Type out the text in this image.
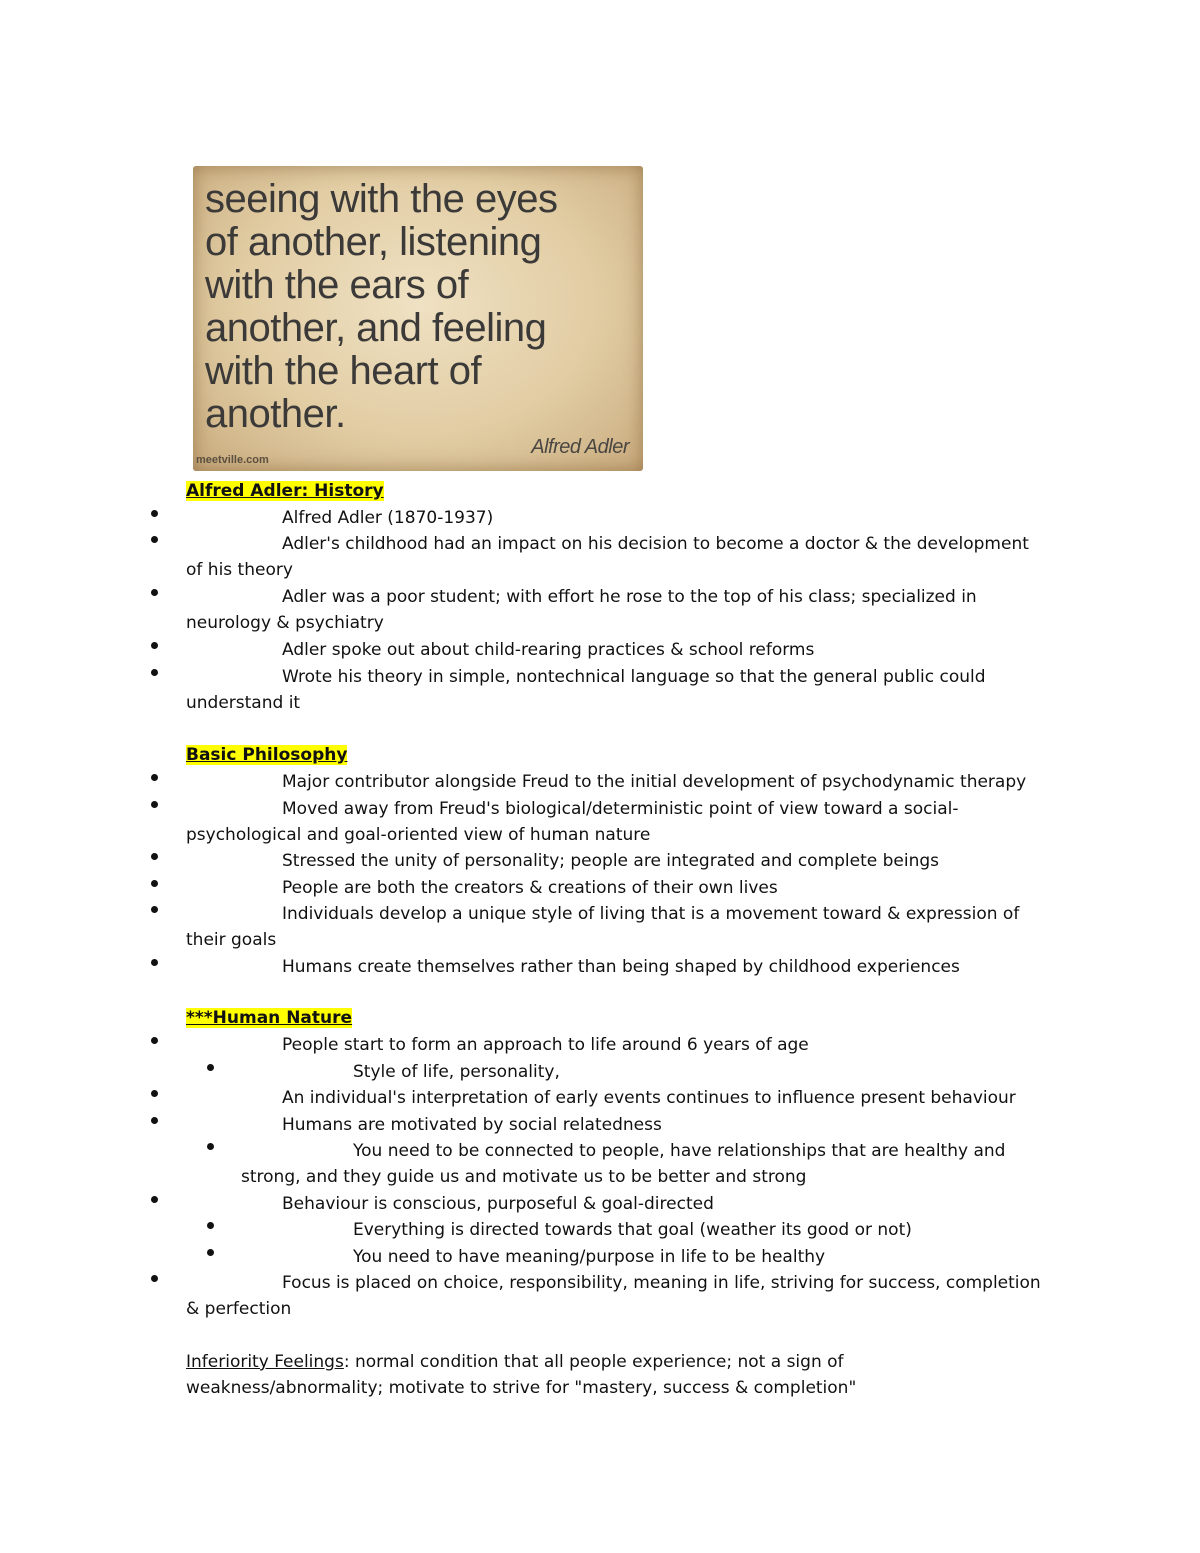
seeing with the eyes
of another, listening
with the ears of
another, and feeling
with the heart of
another.
Alfred Adler
meetville.com
Alfred Adler: History
Alfred Adler (1870-1937)
Adler's childhood had an impact on his decision to become a doctor & the development
of his theory
Adler was a poor student; with effort he rose to the top of his class; specialized in
neurology & psychiatry
Adler spoke out about child-rearing practices & school reforms
Wrote his theory in simple, nontechnical language so that the general public could
understand it
Basic Philosophy
Major contributor alongside Freud to the initial development of psychodynamic therapy
Moved away from Freud's biological/deterministic point of view toward a social-
psychological and goal-oriented view of human nature
Stressed the unity of personality; people are integrated and complete beings
People are both the creators & creations of their own lives
Individuals develop a unique style of living that is a movement toward & expression of
their goals
Humans create themselves rather than being shaped by childhood experiences
***Human Nature
People start to form an approach to life around 6 years of age
Style of life, personality,
An individual's interpretation of early events continues to influence present behaviour
Humans are motivated by social relatedness
You need to be connected to people, have relationships that are healthy and
strong, and they guide us and motivate us to be better and strong
Behaviour is conscious, purposeful & goal-directed
Everything is directed towards that goal (weather its good or not)
You need to have meaning/purpose in life to be healthy
Focus is placed on choice, responsibility, meaning in life, striving for success, completion
& perfection
Inferiority Feelings: normal condition that all people experience; not a sign of
weakness/abnormality; motivate to strive for "mastery, success & completion"
